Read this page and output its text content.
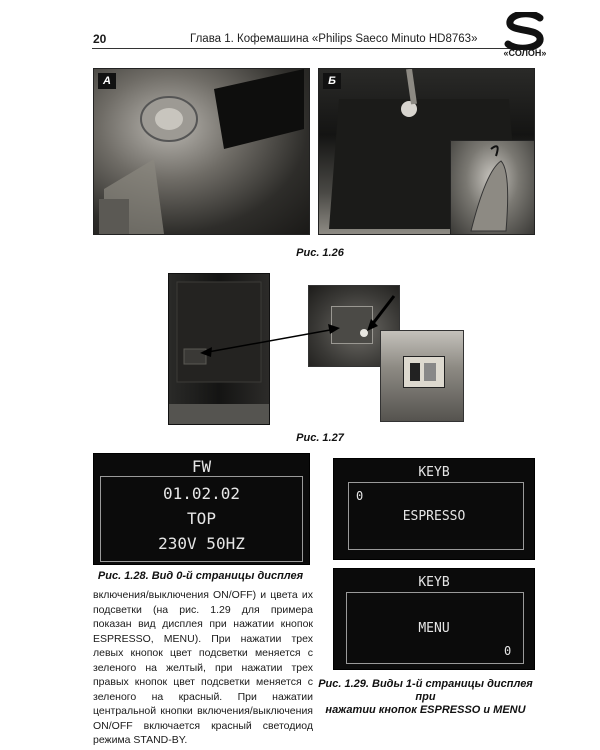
20	Глава 1. Кофемашина «Philips Saeco Minuto HD8763»
«СОЛОН»
А	Б
Рис. 1.26
Рис. 1.27
FW
01.02.02
TOP
230V 50HZ
Рис. 1.28. Вид 0-й страницы дисплея
KEYB
0
ESPRESSO
KEYB
MENU
0
Рис. 1.29. Виды 1-й страницы дисплея при
нажатии кнопок ESPRESSO и MENU
включения/выключения ON/OFF) и цвета их подсветки (на рис. 1.29 для примера показан вид дисплея при нажатии кнопок ESPRESSO, MENU). При нажатии трех левых кнопок цвет подсветки меняется с зеленого на желтый, при нажатии трех правых кнопок цвет подсветки меняется с зеленого на красный. При нажатии центральной кнопки включения/выключения ON/OFF включается красный светодиод режима STAND-BY.
